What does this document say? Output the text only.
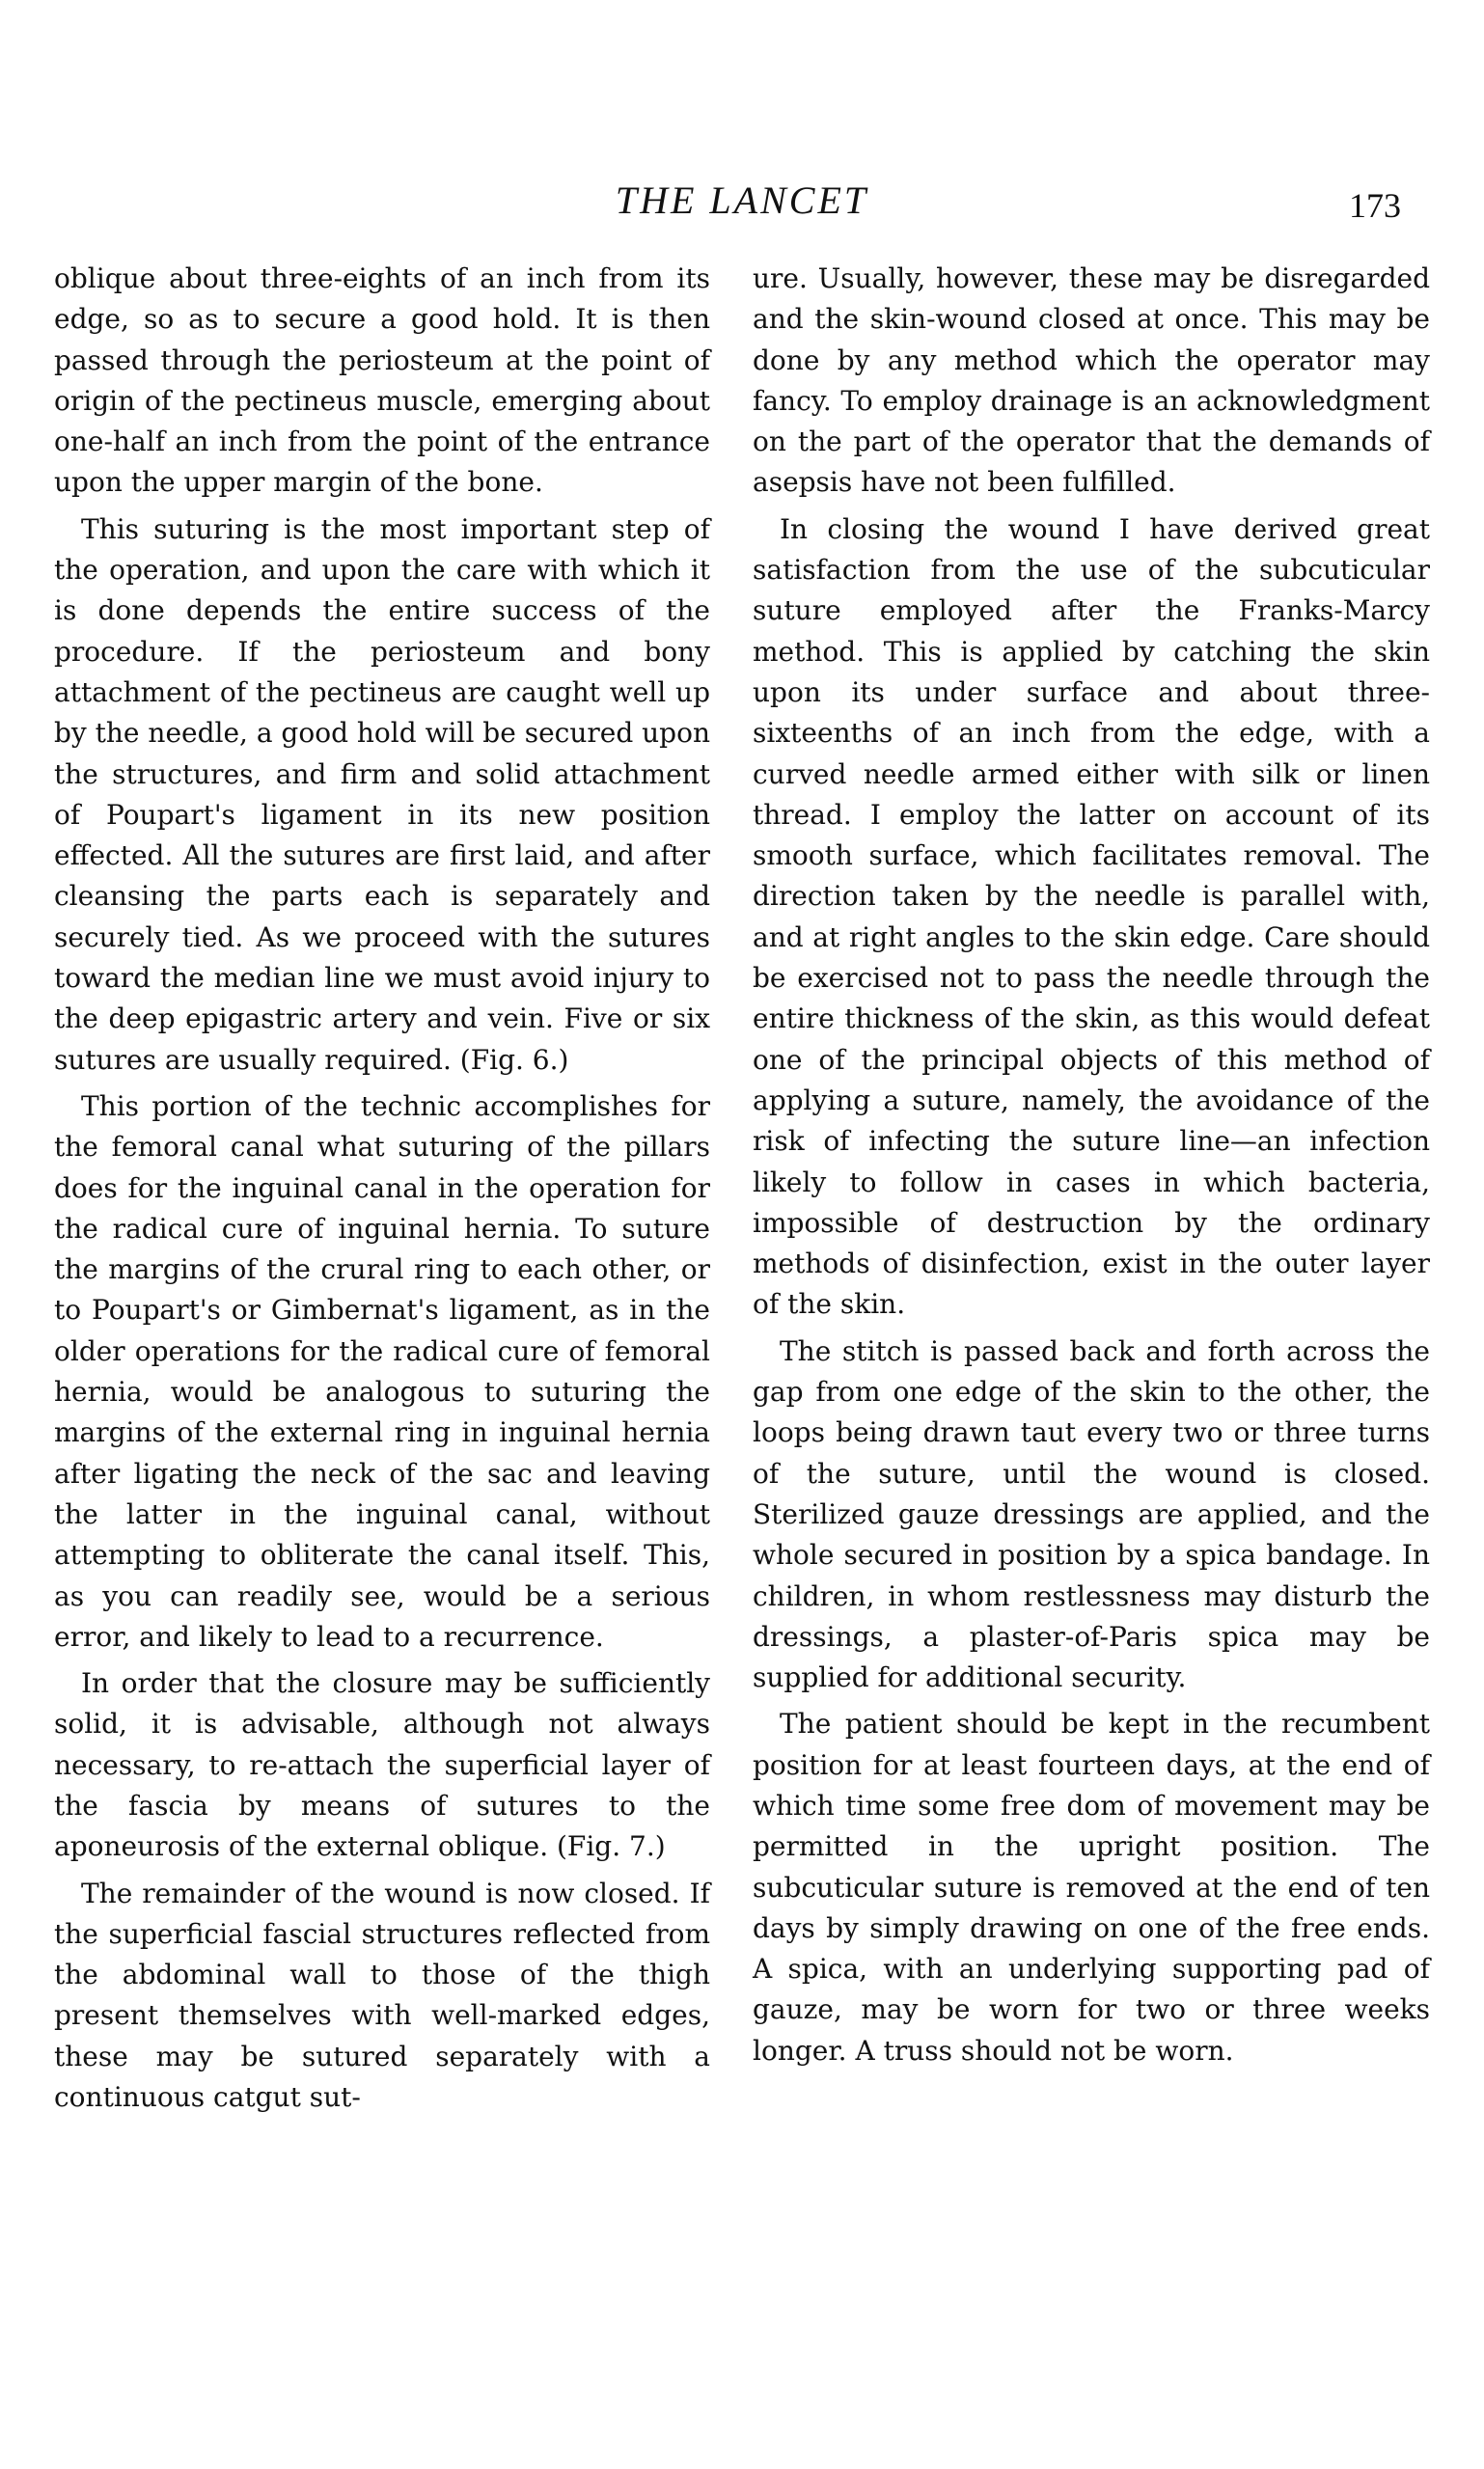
THE LANCET	173

oblique about three-eights of an inch from its edge, so as to secure a good hold. It is then passed through the periosteum at the point of origin of the pectineus muscle, emerging about one-half an inch from the point of the entrance upon the upper margin of the bone.

This suturing is the most important step of the operation, and upon the care with which it is done depends the entire success of the procedure. If the periosteum and bony attachment of the pectineus are caught well up by the needle, a good hold will be secured upon the structures, and firm and solid attachment of Poupart's ligament in its new position effected. All the sutures are first laid, and after cleansing the parts each is separately and securely tied. As we proceed with the sutures toward the median line we must avoid injury to the deep epigastric artery and vein. Five or six sutures are usually required. (Fig. 6.)

This portion of the technic accomplishes for the femoral canal what suturing of the pillars does for the inguinal canal in the operation for the radical cure of inguinal hernia. To suture the margins of the crural ring to each other, or to Poupart's or Gimbernat's ligament, as in the older operations for the radical cure of femoral hernia, would be analogous to suturing the margins of the external ring in inguinal hernia after ligating the neck of the sac and leaving the latter in the inguinal canal, without attempting to obliterate the canal itself. This, as you can readily see, would be a serious error, and likely to lead to a recurrence.

In order that the closure may be sufficiently solid, it is advisable, although not always necessary, to re-attach the superficial layer of the fascia by means of sutures to the aponeurosis of the external oblique. (Fig. 7.)

The remainder of the wound is now closed. If the superficial fascial structures reflected from the abdominal wall to those of the thigh present themselves with well-marked edges, these may be sutured separately with a continuous catgut sut-

ure. Usually, however, these may be disregarded and the skin-wound closed at once. This may be done by any method which the operator may fancy. To employ drainage is an acknowledgment on the part of the operator that the demands of asepsis have not been fulfilled.

In closing the wound I have derived great satisfaction from the use of the subcuticular suture employed after the Franks-Marcy method. This is applied by catching the skin upon its under surface and about three-sixteenths of an inch from the edge, with a curved needle armed either with silk or linen thread. I employ the latter on account of its smooth surface, which facilitates removal. The direction taken by the needle is parallel with, and at right angles to the skin edge. Care should be exercised not to pass the needle through the entire thickness of the skin, as this would defeat one of the principal objects of this method of applying a suture, namely, the avoidance of the risk of infecting the suture line—an infection likely to follow in cases in which bacteria, impossible of destruction by the ordinary methods of disinfection, exist in the outer layer of the skin.

The stitch is passed back and forth across the gap from one edge of the skin to the other, the loops being drawn taut every two or three turns of the suture, until the wound is closed. Sterilized gauze dressings are applied, and the whole secured in position by a spica bandage. In children, in whom restlessness may disturb the dressings, a plaster-of-Paris spica may be supplied for additional security.

The patient should be kept in the recumbent position for at least fourteen days, at the end of which time some free dom of movement may be permitted in the upright position. The subcuticular suture is removed at the end of ten days by simply drawing on one of the free ends. A spica, with an underlying supporting pad of gauze, may be worn for two or three weeks longer. A truss should not be worn.
